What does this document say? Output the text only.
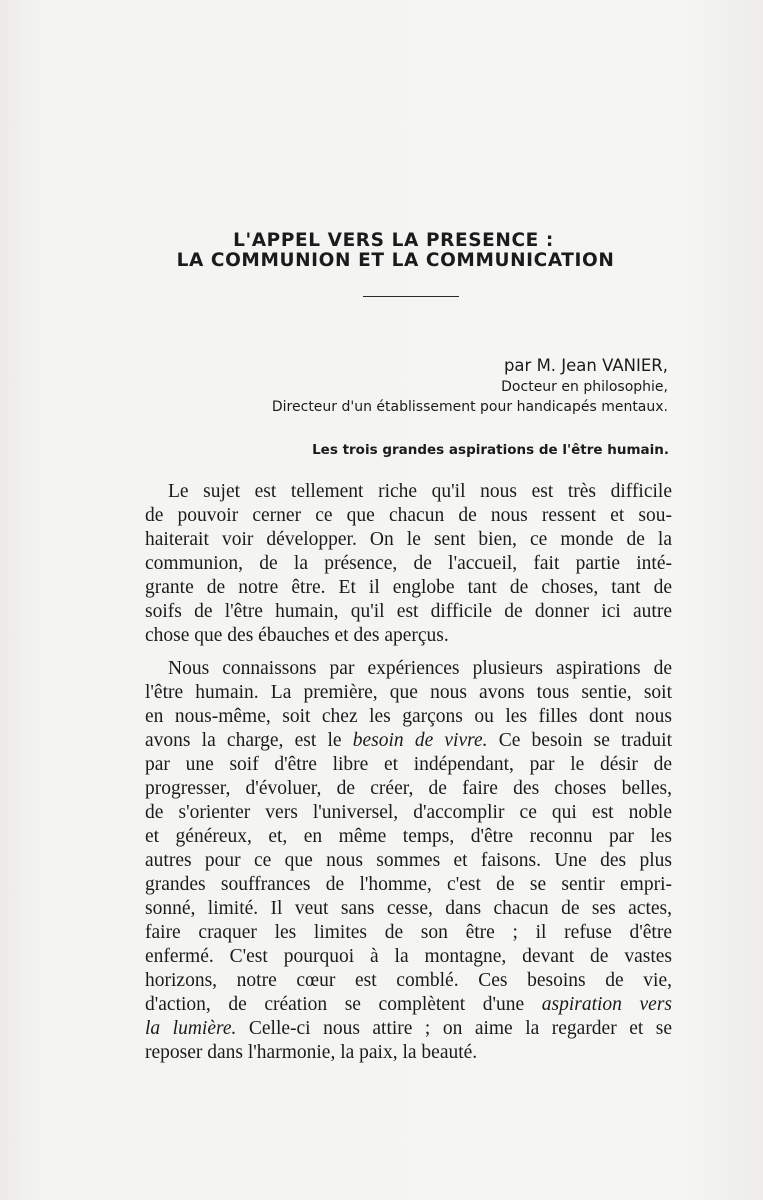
L'APPEL VERS LA PRESENCE :
LA COMMUNION ET LA COMMUNICATION
par M. Jean VANIER,
Docteur en philosophie,
Directeur d'un établissement pour handicapés mentaux.
Les trois grandes aspirations de l'être humain.
Le sujet est tellement riche qu'il nous est très difficile
de pouvoir cerner ce que chacun de nous ressent et sou-
haiterait voir développer. On le sent bien, ce monde de la
communion, de la présence, de l'accueil, fait partie inté-
grante de notre être. Et il englobe tant de choses, tant de
soifs de l'être humain, qu'il est difficile de donner ici autre
chose que des ébauches et des aperçus.
Nous connaissons par expériences plusieurs aspirations de
l'être humain. La première, que nous avons tous sentie, soit
en nous-même, soit chez les garçons ou les filles dont nous
avons la charge, est le besoin de vivre. Ce besoin se traduit
par une soif d'être libre et indépendant, par le désir de
progresser, d'évoluer, de créer, de faire des choses belles,
de s'orienter vers l'universel, d'accomplir ce qui est noble
et généreux, et, en même temps, d'être reconnu par les
autres pour ce que nous sommes et faisons. Une des plus
grandes souffrances de l'homme, c'est de se sentir empri-
sonné, limité. Il veut sans cesse, dans chacun de ses actes,
faire craquer les limites de son être ; il refuse d'être
enfermé. C'est pourquoi à la montagne, devant de vastes
horizons, notre cœur est comblé. Ces besoins de vie,
d'action, de création se complètent d'une aspiration vers
la lumière. Celle-ci nous attire ; on aime la regarder et se
reposer dans l'harmonie, la paix, la beauté.
